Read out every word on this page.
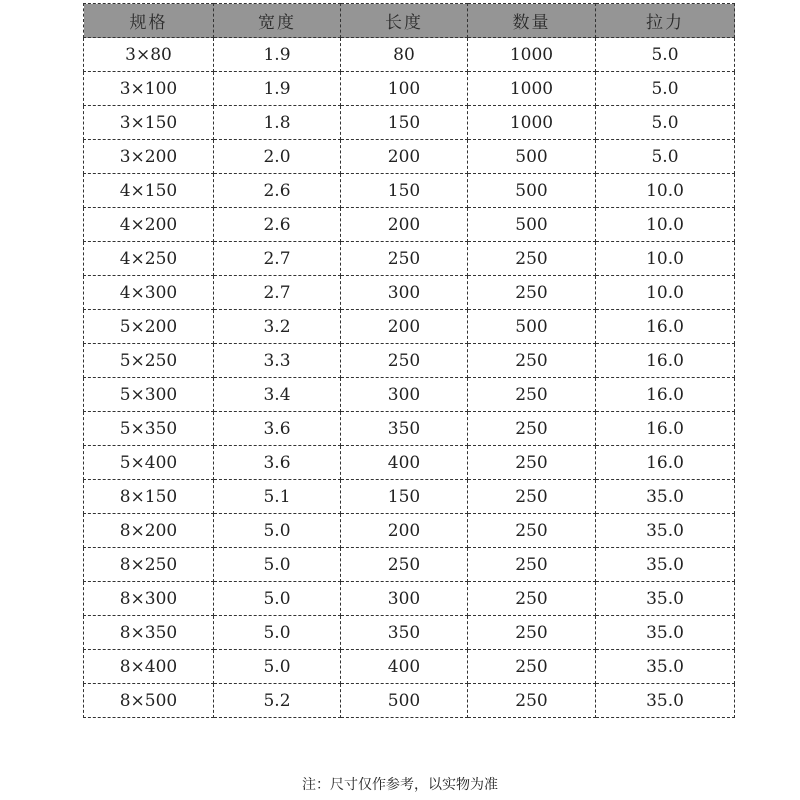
规格	宽度	长度	数量	拉力
3×80	1.9	80	1000	5.0
3×100	1.9	100	1000	5.0
3×150	1.8	150	1000	5.0
3×200	2.0	200	500	5.0
4×150	2.6	150	500	10.0
4×200	2.6	200	500	10.0
4×250	2.7	250	250	10.0
4×300	2.7	300	250	10.0
5×200	3.2	200	500	16.0
5×250	3.3	250	250	16.0
5×300	3.4	300	250	16.0
5×350	3.6	350	250	16.0
5×400	3.6	400	250	16.0
8×150	5.1	150	250	35.0
8×200	5.0	200	250	35.0
8×250	5.0	250	250	35.0
8×300	5.0	300	250	35.0
8×350	5.0	350	250	35.0
8×400	5.0	400	250	35.0
8×500	5.2	500	250	35.0
注：尺寸仅作参考，以实物为准
